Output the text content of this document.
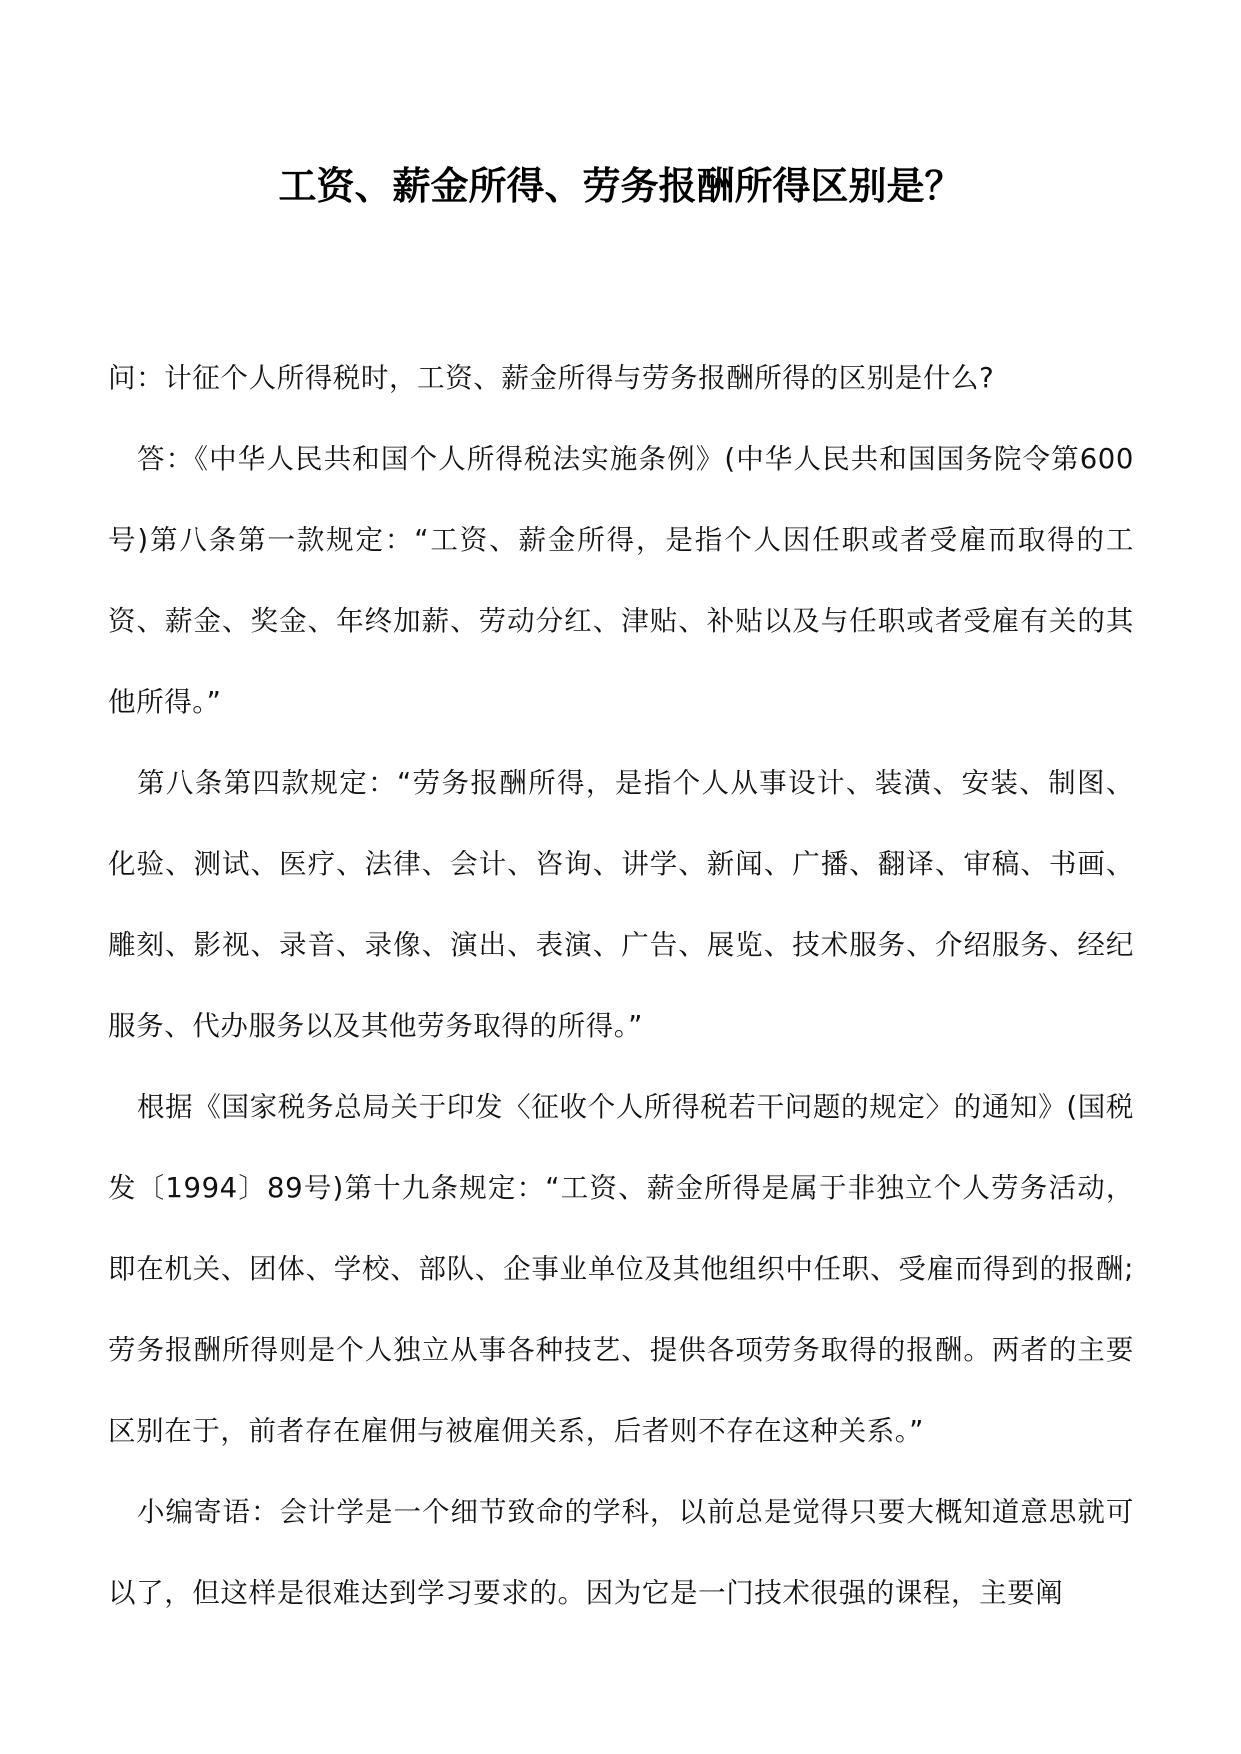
工资、薪金所得、劳务报酬所得区别是？

问：计征个人所得税时，工资、薪金所得与劳务报酬所得的区别是什么?

答：《中华人民共和国个人所得税法实施条例》(中华人民共和国国务院令第600号)第八条第一款规定：“工资、薪金所得，是指个人因任职或者受雇而取得的工资、薪金、奖金、年终加薪、劳动分红、津贴、补贴以及与任职或者受雇有关的其他所得。”

第八条第四款规定：“劳务报酬所得，是指个人从事设计、装潢、安装、制图、化验、测试、医疗、法律、会计、咨询、讲学、新闻、广播、翻译、审稿、书画、雕刻、影视、录音、录像、演出、表演、广告、展览、技术服务、介绍服务、经纪服务、代办服务以及其他劳务取得的所得。”

根据《国家税务总局关于印发〈征收个人所得税若干问题的规定〉的通知》(国税发〔1994〕89号)第十九条规定：“工资、薪金所得是属于非独立个人劳务活动，即在机关、团体、学校、部队、企事业单位及其他组织中任职、受雇而得到的报酬;劳务报酬所得则是个人独立从事各种技艺、提供各项劳务取得的报酬。两者的主要区别在于，前者存在雇佣与被雇佣关系，后者则不存在这种关系。”

小编寄语：会计学是一个细节致命的学科，以前总是觉得只要大概知道意思就可以了，但这样是很难达到学习要求的。因为它是一门技术很强的课程，主要阐
